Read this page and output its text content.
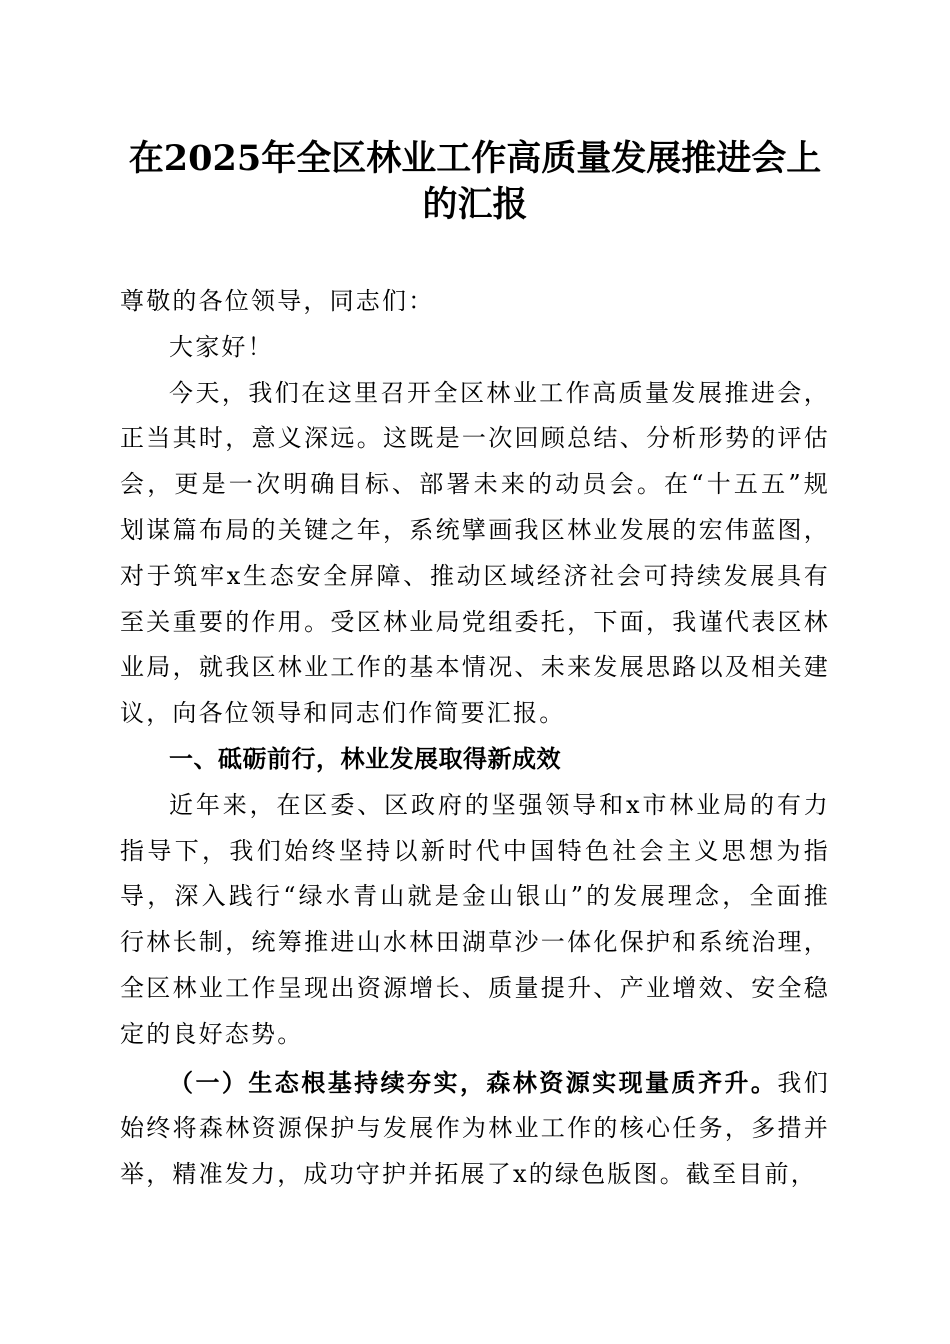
在2025年全区林业工作高质量发展推进会上
的汇报

尊敬的各位领导，同志们：

大家好！

今天，我们在这里召开全区林业工作高质量发展推进会，正当其时，意义深远。这既是一次回顾总结、分析形势的评估会，更是一次明确目标、部署未来的动员会。在“十五五”规划谋篇布局的关键之年，系统擘画我区林业发展的宏伟蓝图，对于筑牢x生态安全屏障、推动区域经济社会可持续发展具有至关重要的作用。受区林业局党组委托，下面，我谨代表区林业局，就我区林业工作的基本情况、未来发展思路以及相关建议，向各位领导和同志们作简要汇报。

一、砥砺前行，林业发展取得新成效

近年来，在区委、区政府的坚强领导和x市林业局的有力指导下，我们始终坚持以新时代中国特色社会主义思想为指导，深入践行“绿水青山就是金山银山”的发展理念，全面推行林长制，统筹推进山水林田湖草沙一体化保护和系统治理，全区林业工作呈现出资源增长、质量提升、产业增效、安全稳定的良好态势。

（一）生态根基持续夯实，森林资源实现量质齐升。我们始终将森林资源保护与发展作为林业工作的核心任务，多措并举，精准发力，成功守护并拓展了x的绿色版图。截至目前，
